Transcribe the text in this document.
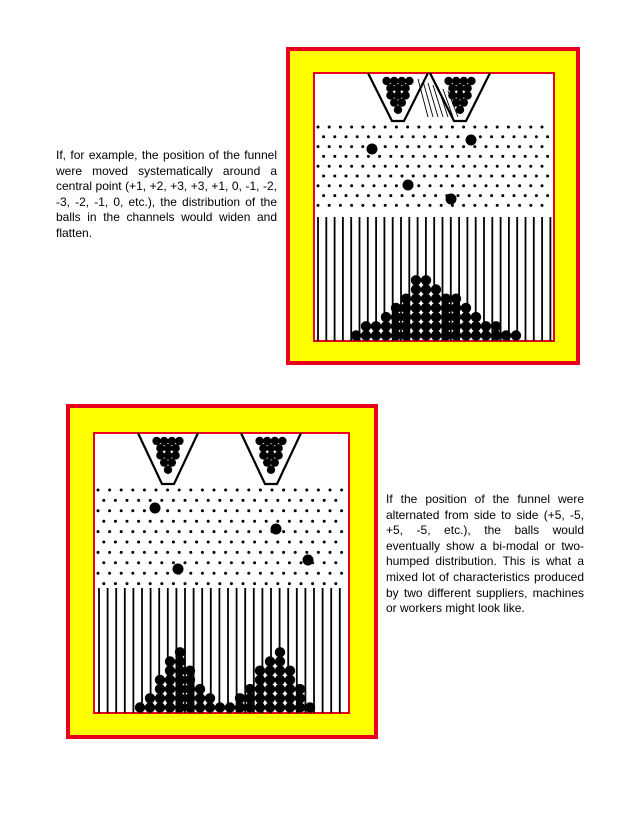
If, for example, the position of the funnel were moved systematically around a central point (+1, +2, +3, +3, +1, 0, -1, -2, -3, -2, -1, 0, etc.), the distribution of the balls in the channels would widen and flatten.

If the position of the funnel were alternated from side to side (+5, -5, +5, -5, etc.), the balls would eventually show a bi-modal or two-humped distribution. This is what a mixed lot of characteristics produced by two different suppliers, machines or workers might look like.
